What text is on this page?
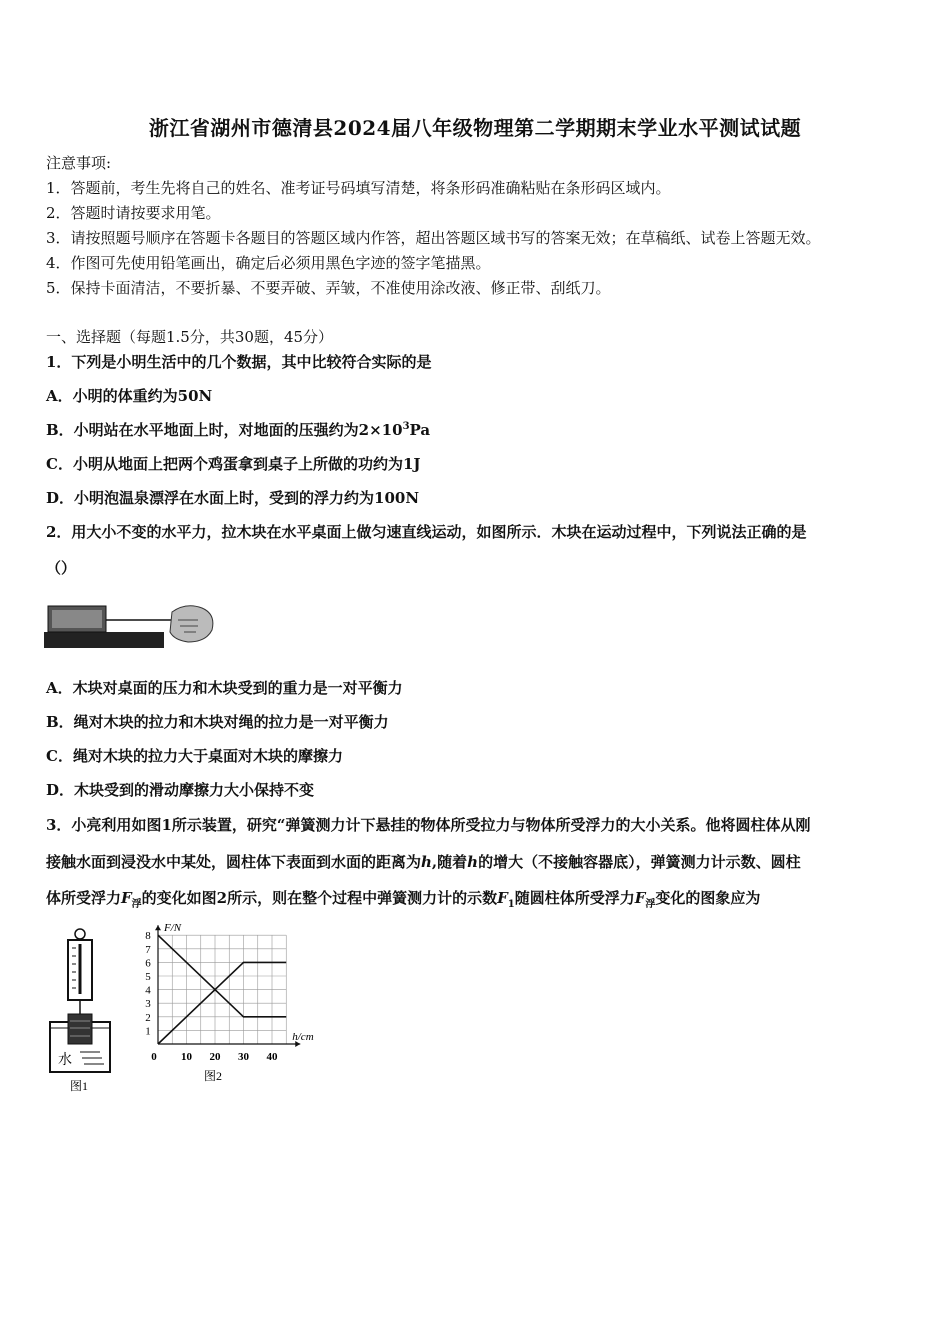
浙江省湖州市德清县2024届八年级物理第二学期期末学业水平测试试题
注意事项:
1．答题前，考生先将自己的姓名、准考证号码填写清楚，将条形码准确粘贴在条形码区域内。
2．答题时请按要求用笔。
3．请按照题号顺序在答题卡各题目的答题区域内作答，超出答题区域书写的答案无效；在草稿纸、试卷上答题无效。
4．作图可先使用铅笔画出，确定后必须用黑色字迹的签字笔描黑。
5．保持卡面清洁，不要折暴、不要弄破、弄皱，不准使用涂改液、修正带、刮纸刀。
一、选择题（每题1.5分，共30题，45分）
1．下列是小明生活中的几个数据，其中比较符合实际的是
A．小明的体重约为50N
B．小明站在水平地面上时，对地面的压强约为$2\times 10^3Pa$
C．小明从地面上把两个鸡蛋拿到桌子上所做的功约为1J
D．小明泡温泉漂浮在水面上时，受到的浮力约为100N
2．用大小不变的水平力，拉木块在水平桌面上做匀速直线运动，如图所示．木块在运动过程中，下列说法正确的是
（）
A．木块对桌面的压力和木块受到的重力是一对平衡力
B．绳对木块的拉力和木块对绳的拉力是一对平衡力
C．绳对木块的拉力大于桌面对木块的摩擦力
D．木块受到的滑动摩擦力大小保持不变
3．小亮利用如图1所示装置，研究“弹簧测力计下悬挂的物体所受拉力与物体所受浮力的大小关系。他将圆柱体从刚
接触水面到浸没水中某处，圆柱体下表面到水面的距离为h,随着h的增大（不接触容器底），弹簧测力计示数、圆柱
体所受浮力$F_浮$的变化如图2所示，则在整个过程中弹簧测力计的示数$F_1$随圆柱体所受浮力$F_浮$变化的图象应为
水
图1
1
2
3
4
5
6
7
8
0 10 20 30 40
h/cm
F/N
图2
